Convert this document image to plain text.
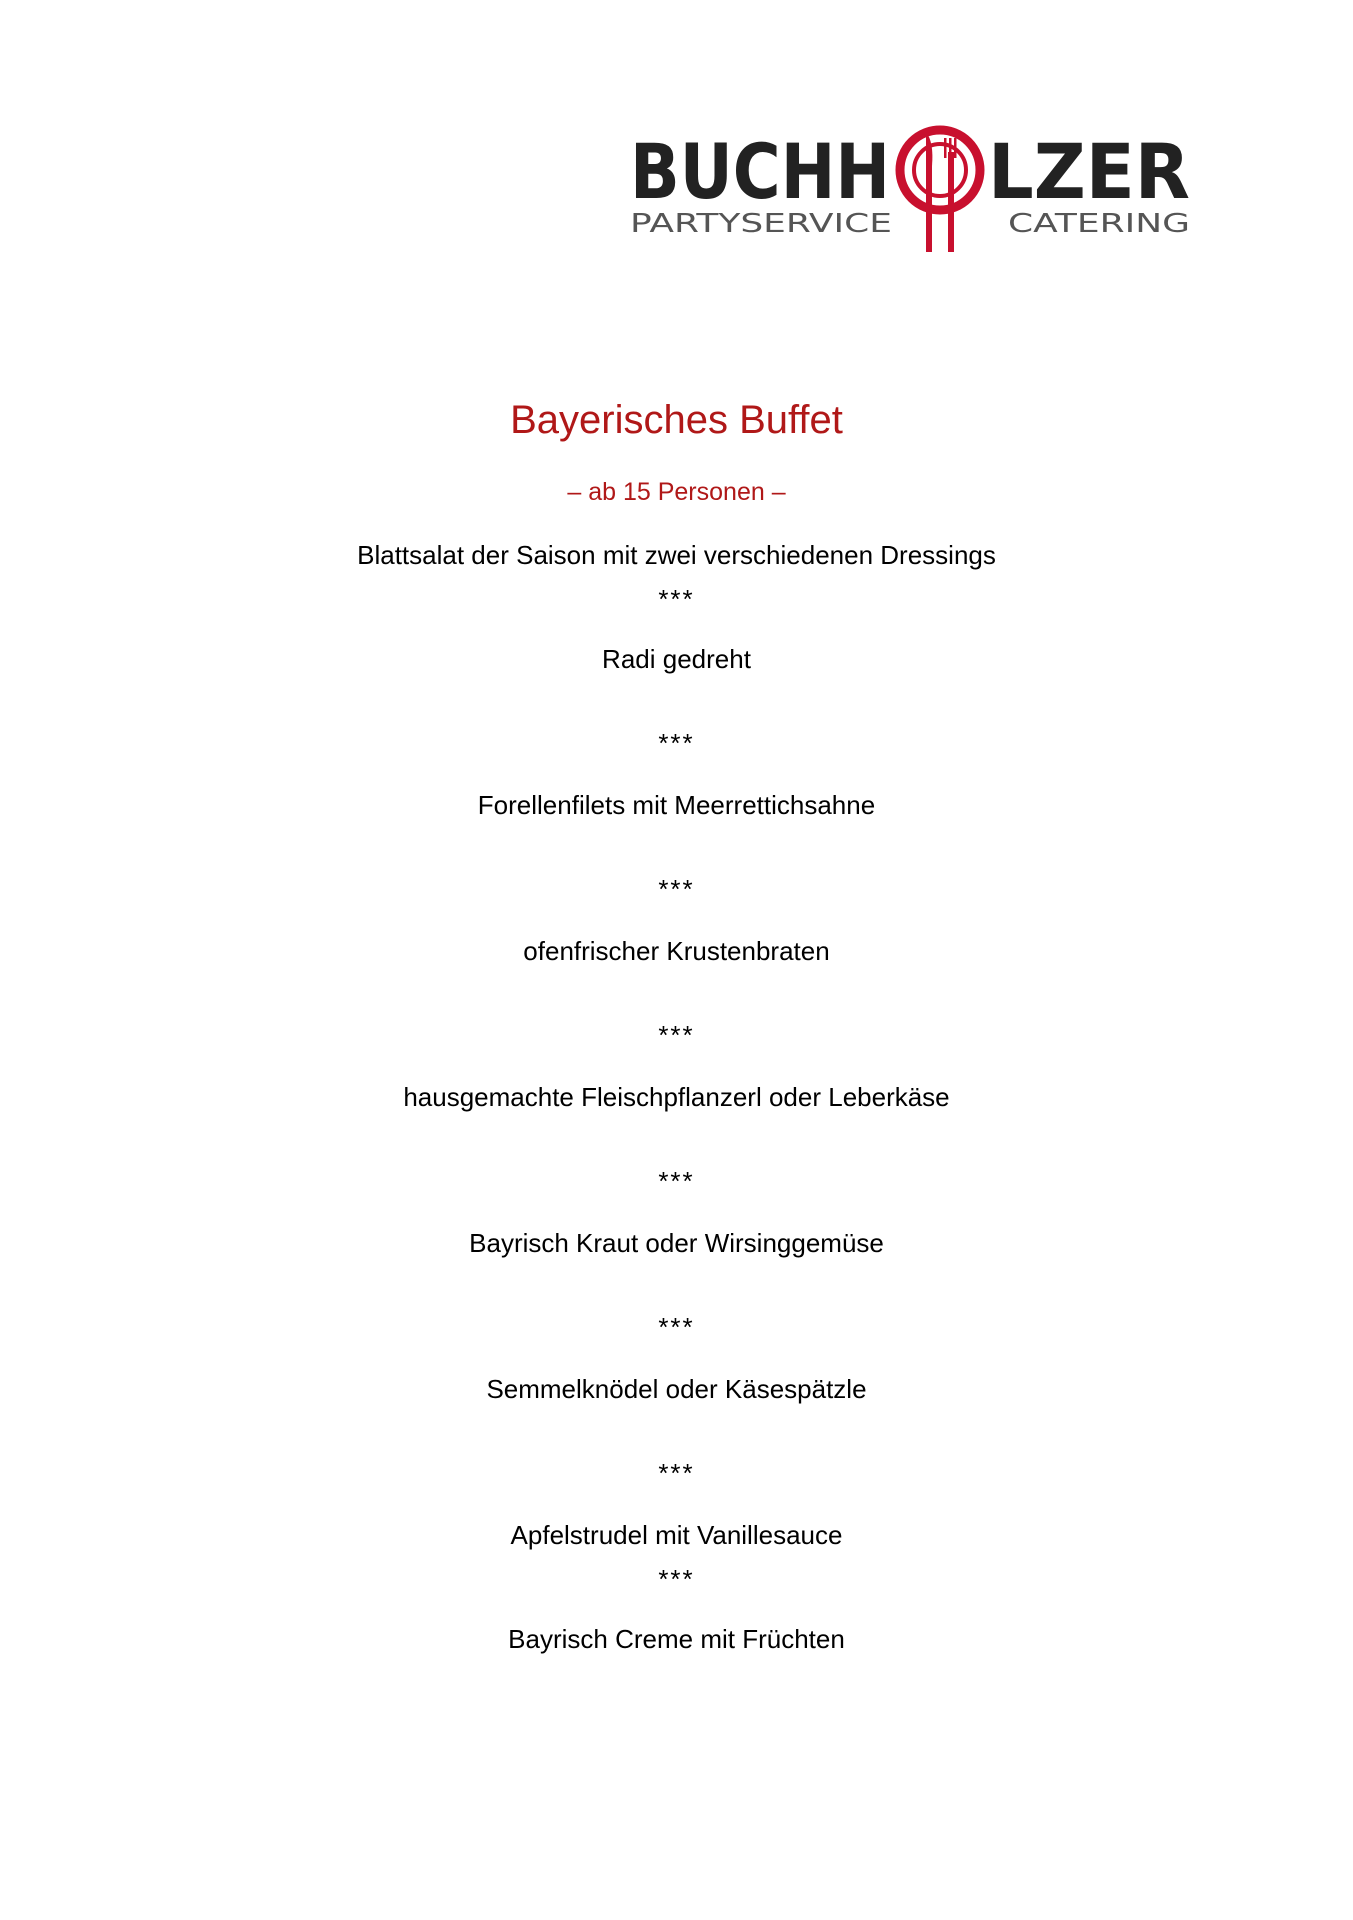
BUCHH LZER
PARTYSERVICE	CATERING
Bayerisches Buffet
– ab 15 Personen –
Blattsalat der Saison mit zwei verschiedenen Dressings
***
Radi gedreht
***
Forellenfilets mit Meerrettichsahne
***
ofenfrischer Krustenbraten
***
hausgemachte Fleischpflanzerl oder Leberkäse
***
Bayrisch Kraut oder Wirsinggemüse
***
Semmelknödel oder Käsespätzle
***
Apfelstrudel mit Vanillesauce
***
Bayrisch Creme mit Früchten
